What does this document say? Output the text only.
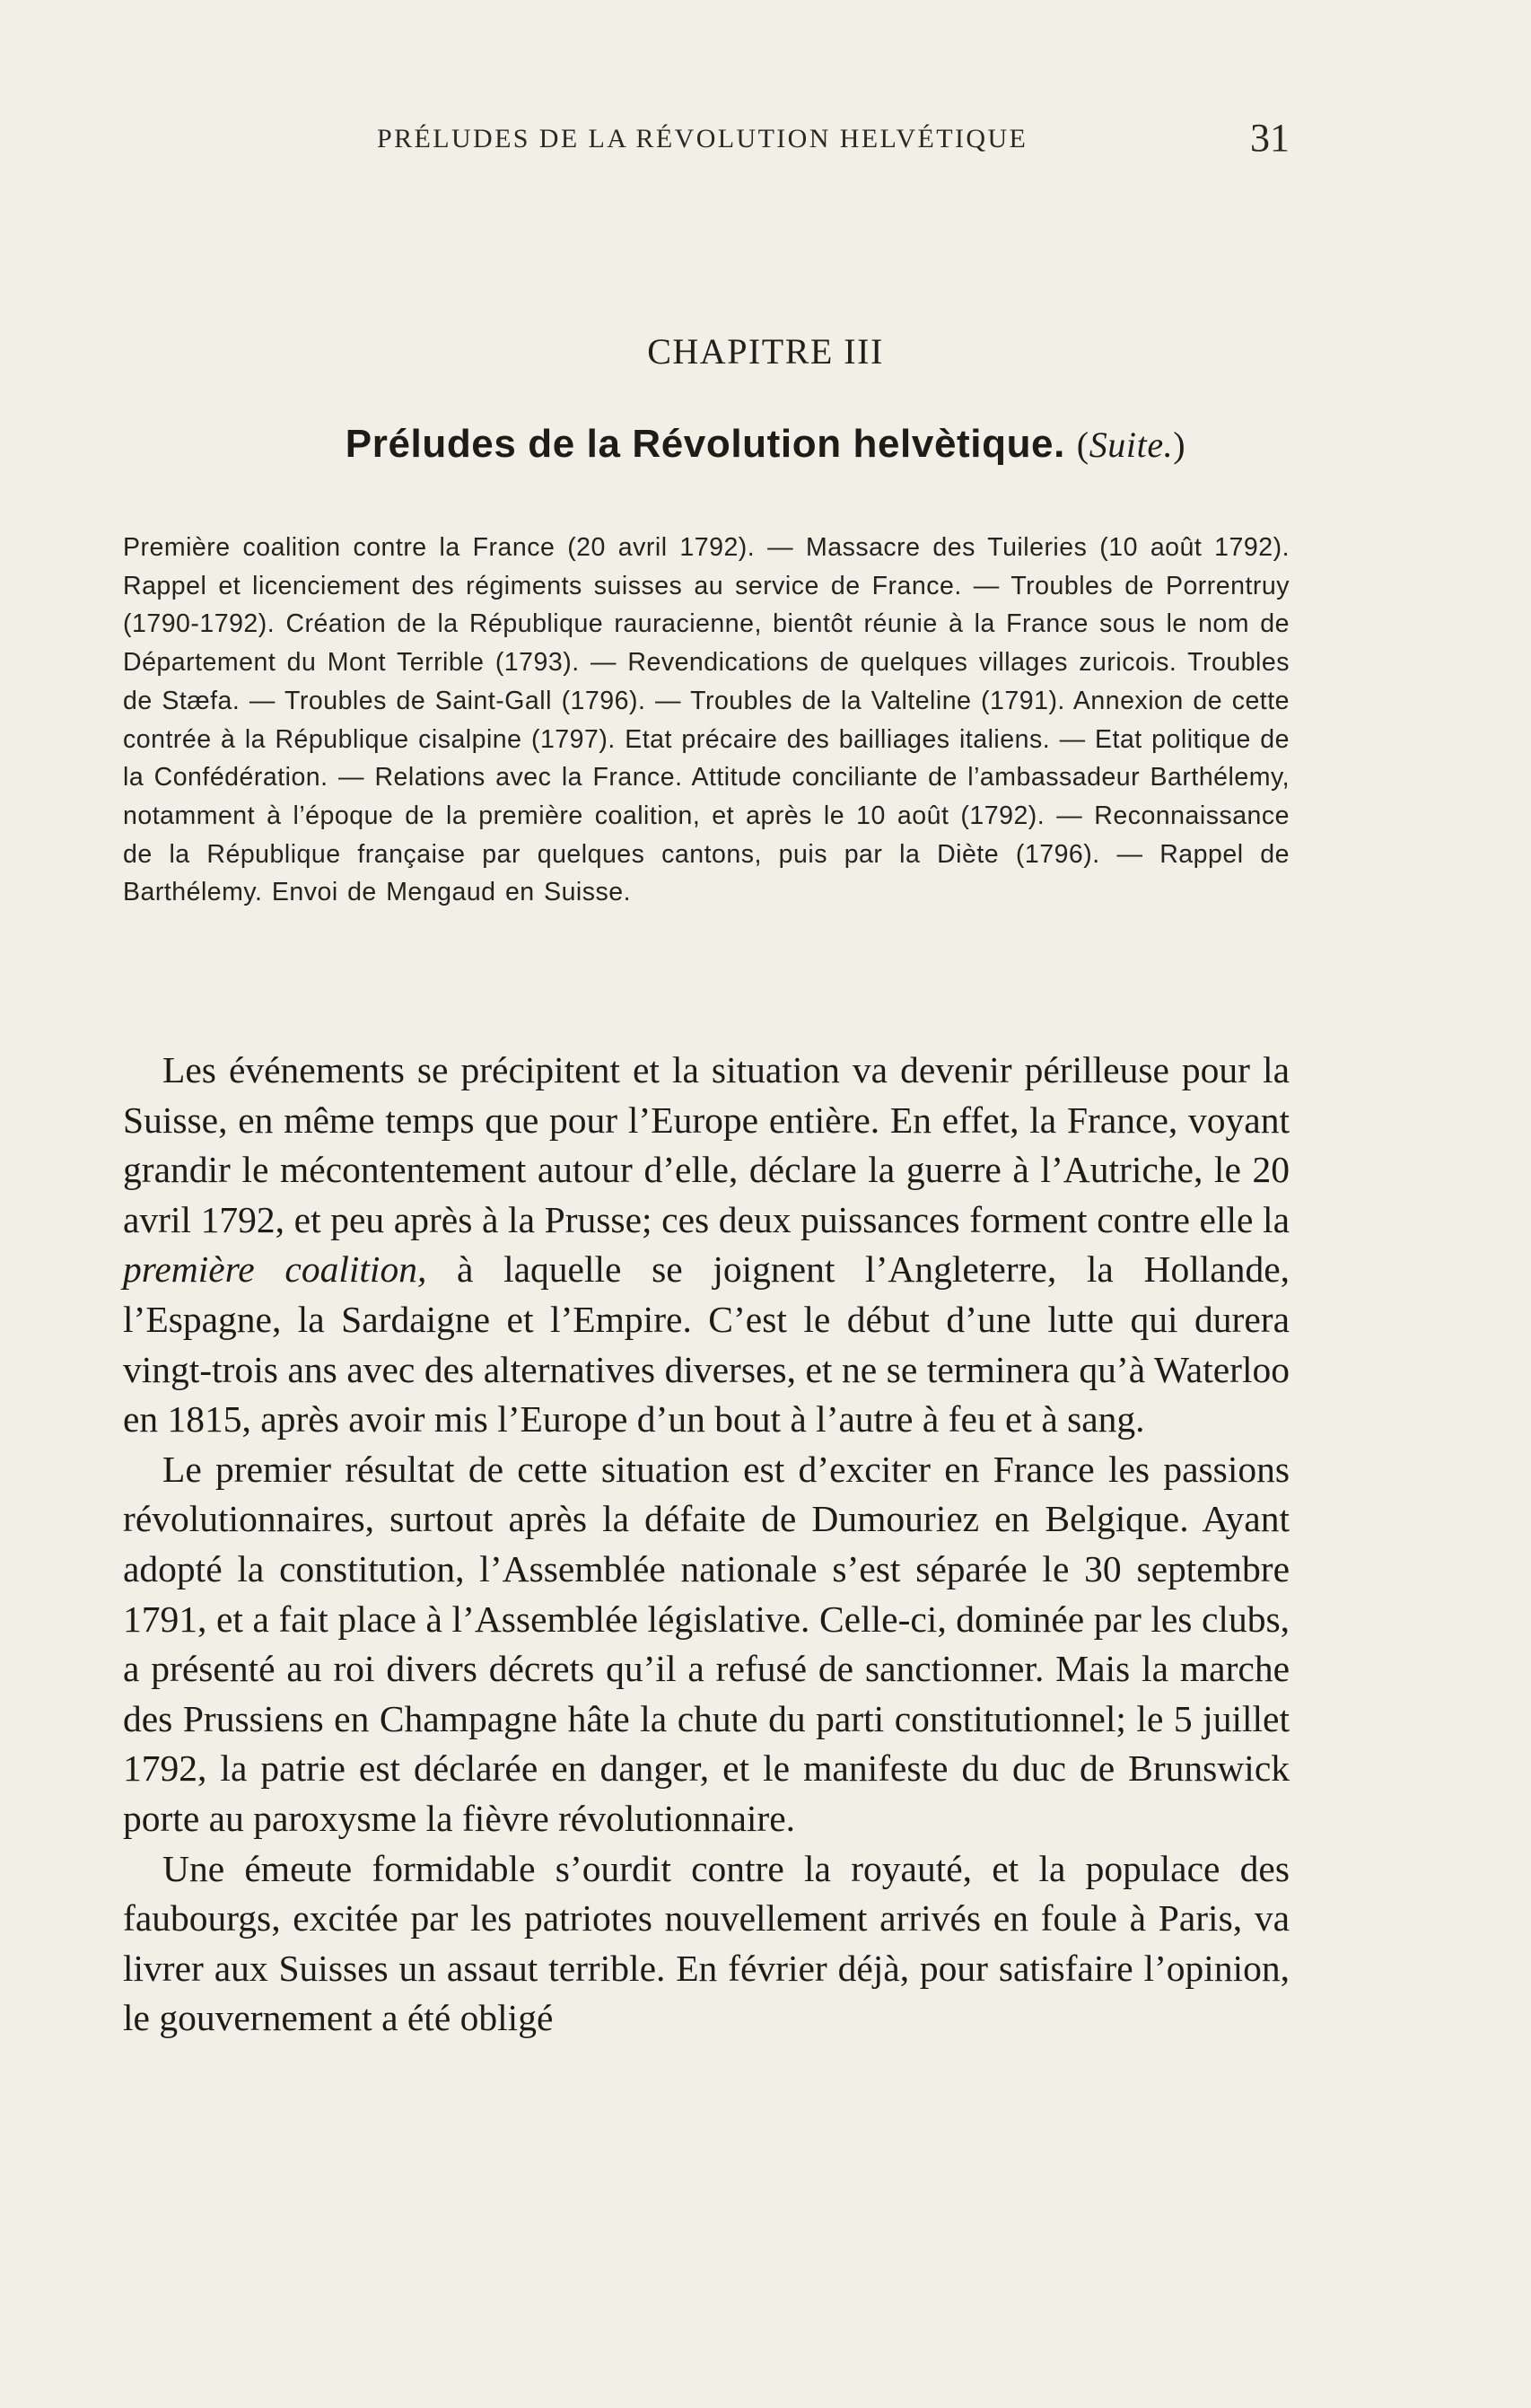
PRÉLUDES DE LA RÉVOLUTION HELVÉTIQUE	31
CHAPITRE III
Préludes de la Révolution helvètique. (Suite.)

Première coalition contre la France (20 avril 1792). — Massacre des Tuileries (10 août 1792). Rappel et licenciement des régiments suisses au service de France. — Troubles de Porrentruy (1790-1792). Création de la République rauracienne, bientôt réunie à la France sous le nom de Département du Mont Terrible (1793). — Revendications de quelques villages zuricois. Troubles de Stæfa. — Troubles de Saint-Gall (1796). — Troubles de la Valteline (1791). Annexion de cette contrée à la République cisalpine (1797). Etat précaire des bailliages italiens. — Etat politique de la Confédération. — Relations avec la France. Attitude conciliante de l’ambassadeur Barthélemy, notamment à l’époque de la première coalition, et après le 10 août (1792). — Reconnaissance de la République française par quelques cantons, puis par la Diète (1796). — Rappel de Barthélemy. Envoi de Mengaud en Suisse.

Les événements se précipitent et la situation va devenir périlleuse pour la Suisse, en même temps que pour l’Europe entière. En effet, la France, voyant grandir le mécontentement autour d’elle, déclare la guerre à l’Autriche, le 20 avril 1792, et peu après à la Prusse; ces deux puissances forment contre elle la première coalition, à laquelle se joignent l’Angleterre, la Hollande, l’Espagne, la Sardaigne et l’Empire. C’est le début d’une lutte qui durera vingt-trois ans avec des alternatives diverses, et ne se terminera qu’à Waterloo en 1815, après avoir mis l’Europe d’un bout à l’autre à feu et à sang.

Le premier résultat de cette situation est d’exciter en France les passions révolutionnaires, surtout après la défaite de Dumouriez en Belgique. Ayant adopté la constitution, l’Assemblée nationale s’est séparée le 30 septembre 1791, et a fait place à l’Assemblée législative. Celle-ci, dominée par les clubs, a présenté au roi divers décrets qu’il a refusé de sanctionner. Mais la marche des Prussiens en Champagne hâte la chute du parti constitutionnel; le 5 juillet 1792, la patrie est déclarée en danger, et le manifeste du duc de Brunswick porte au paroxysme la fièvre révolutionnaire.

Une émeute formidable s’ourdit contre la royauté, et la populace des faubourgs, excitée par les patriotes nouvellement arrivés en foule à Paris, va livrer aux Suisses un assaut terrible. En février déjà, pour satisfaire l’opinion, le gouvernement a été obligé
